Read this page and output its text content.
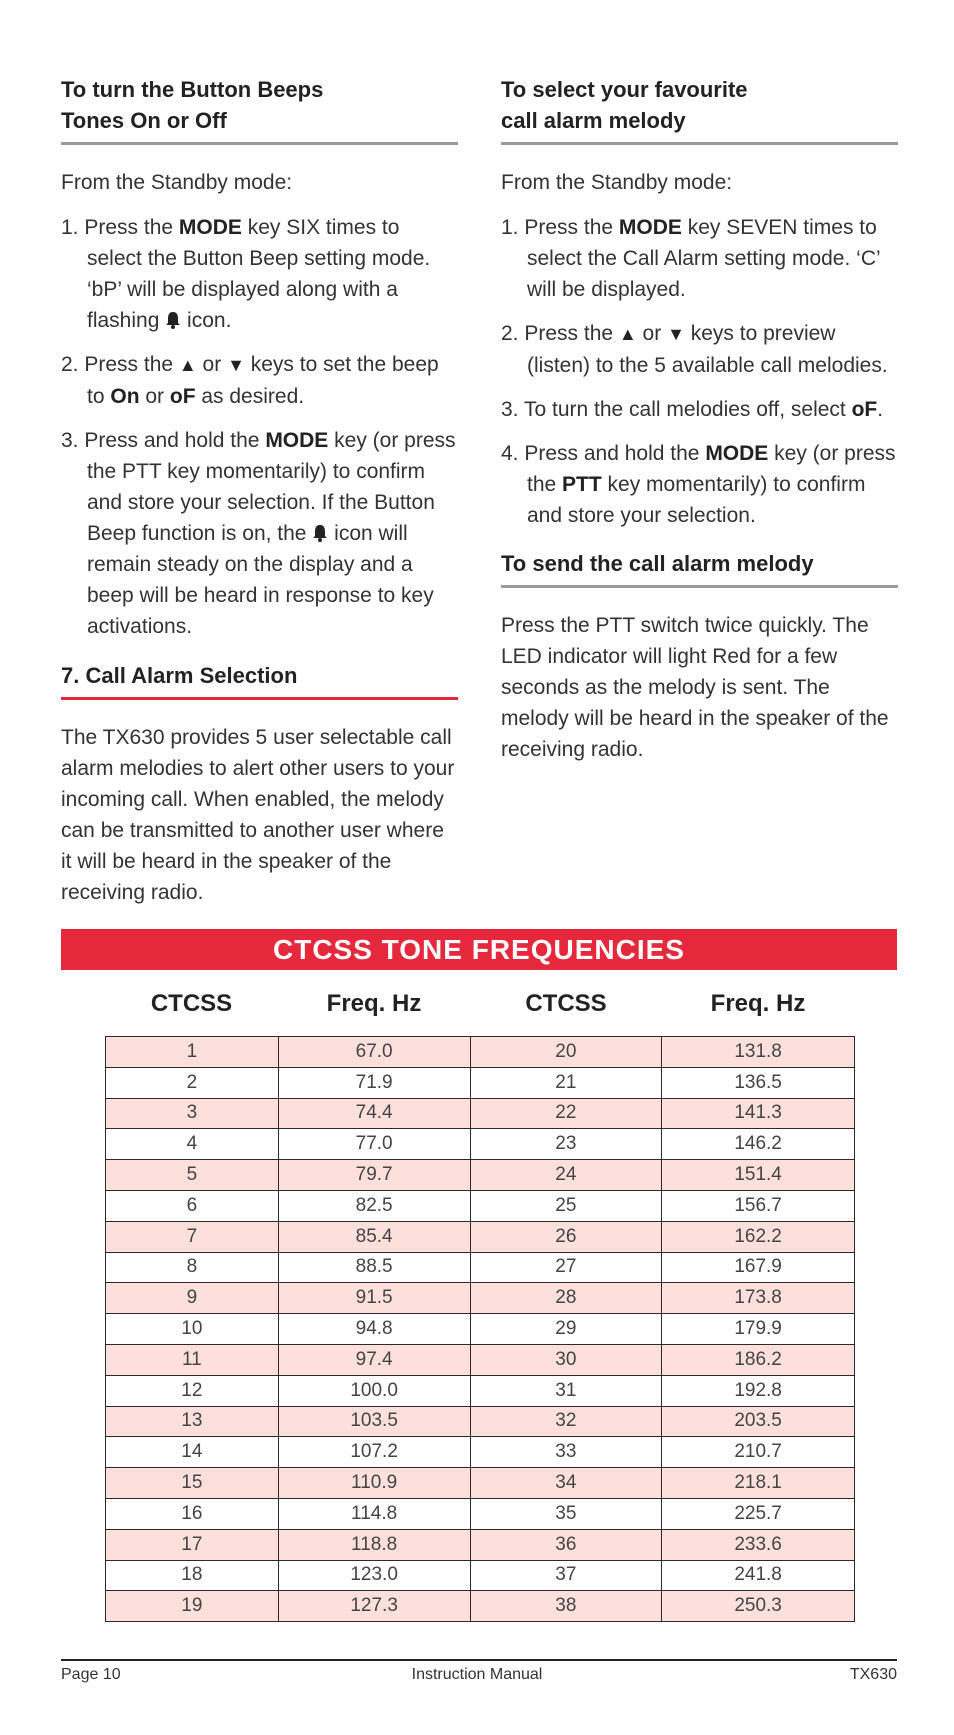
To turn the Button Beeps
Tones On or Off

From the Standby mode:

1. Press the MODE key SIX times to select the Button Beep setting mode. ‘bP’ will be displayed along with a flashing  icon.
2. Press the ▲ or ▼ keys to set the beep to On or oF as desired.
3. Press and hold the MODE key (or press the PTT key momentarily) to confirm and store your selection. If the Button Beep function is on, the  icon will remain steady on the display and a beep will be heard in response to key activations.
7. Call Alarm Selection

The TX630 provides 5 user selectable call alarm melodies to alert other users to your incoming call. When enabled, the melody can be transmitted to another user where it will be heard in the speaker of the receiving radio.

To select your favourite
call alarm melody

From the Standby mode:

1. Press the MODE key SEVEN times to select the Call Alarm setting mode. ‘C’ will be displayed.
2. Press the ▲ or ▼ keys to preview (listen) to the 5 available call melodies.
3. To turn the call melodies off, select oF.
4. Press and hold the MODE key (or press the PTT key momentarily) to confirm and store your selection.
To send the call alarm melody

Press the PTT switch twice quickly. The LED indicator will light Red for a few seconds as the melody is sent. The melody will be heard in the speaker of the receiving radio.

CTCSS TONE FREQUENCIES
CTCSS	Freq. Hz	CTCSS	Freq. Hz
1	67.0	20	131.8
2	71.9	21	136.5
3	74.4	22	141.3
4	77.0	23	146.2
5	79.7	24	151.4
6	82.5	25	156.7
7	85.4	26	162.2
8	88.5	27	167.9
9	91.5	28	173.8
10	94.8	29	179.9
11	97.4	30	186.2
12	100.0	31	192.8
13	103.5	32	203.5
14	107.2	33	210.7
15	110.9	34	218.1
16	114.8	35	225.7
17	118.8	36	233.6
18	123.0	37	241.8
19	127.3	38	250.3
Page 10	Instruction Manual	TX630
